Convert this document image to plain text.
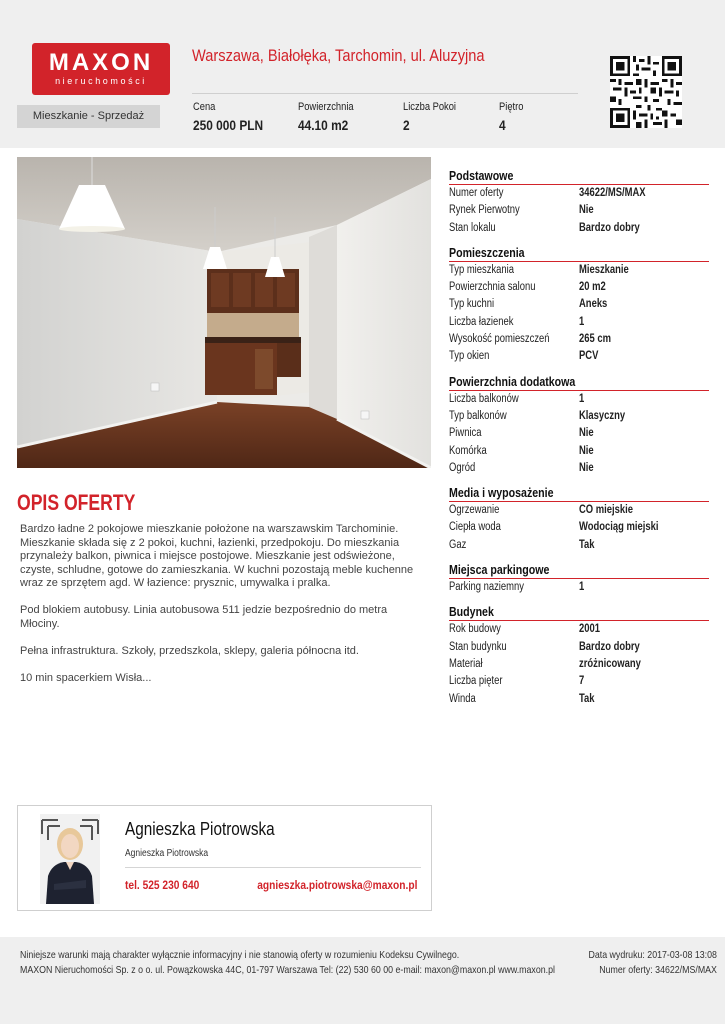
MAXON
nieruchomości
Warszawa, Białołęka, Tarchomin, ul. Aluzyjna
Mieszkanie - Sprzedaż
Cena
250 000 PLN
Powierzchnia
44.10 m2
Liczba Pokoi
2
Piętro
4
OPIS OFERTY

Bardzo ładne 2 pokojowe mieszkanie położone na warszawskim Tarchominie. Mieszkanie składa się z 2 pokoi, kuchni, łazienki, przedpokoju. Do mieszkania przynależy balkon, piwnica i miejsce postojowe. Mieszkanie jest odświeżone, czyste, schludne, gotowe do zamieszkania. W kuchni pozostają meble kuchenne wraz ze sprzętem agd. W łazience: prysznic, umywalka i pralka.

Pod blokiem autobusy. Linia autobusowa 511 jedzie bezpośrednio do metra Młociny.

Pełna infrastruktura. Szkoły, przedszkola, sklepy, galeria północna itd.

10 min spacerkiem Wisła...

Podstawowe
Numer oferty	34622/MS/MAX
Rynek Pierwotny	Nie
Stan lokalu	Bardzo dobry
Pomieszczenia
Typ mieszkania	Mieszkanie
Powierzchnia salonu	20 m2
Typ kuchni	Aneks
Liczba łazienek	1
Wysokość pomieszczeń	265 cm
Typ okien	PCV
Powierzchnia dodatkowa
Liczba balkonów	1
Typ balkonów	Klasyczny
Piwnica	Nie
Komórka	Nie
Ogród	Nie
Media i wyposażenie
Ogrzewanie	CO miejskie
Ciepła woda	Wodociąg miejski
Gaz	Tak
Miejsca parkingowe
Parking naziemny	1
Budynek
Rok budowy	2001
Stan budynku	Bardzo dobry
Materiał	zróżnicowany
Liczba pięter	7
Winda	Tak
Agnieszka Piotrowska
Agnieszka Piotrowska
tel. 525 230 640	agnieszka.piotrowska@maxon.pl
Niniejsze warunki mają charakter wyłącznie informacyjny i nie stanowią oferty w rozumieniu Kodeksu Cywilnego.
MAXON Nieruchomości Sp. z o o. ul. Powązkowska 44C, 01-797 Warszawa Tel: (22) 530 60 00 e-mail: maxon@maxon.pl www.maxon.pl
Data wydruku: 2017-03-08 13:08
Numer oferty: 34622/MS/MAX
